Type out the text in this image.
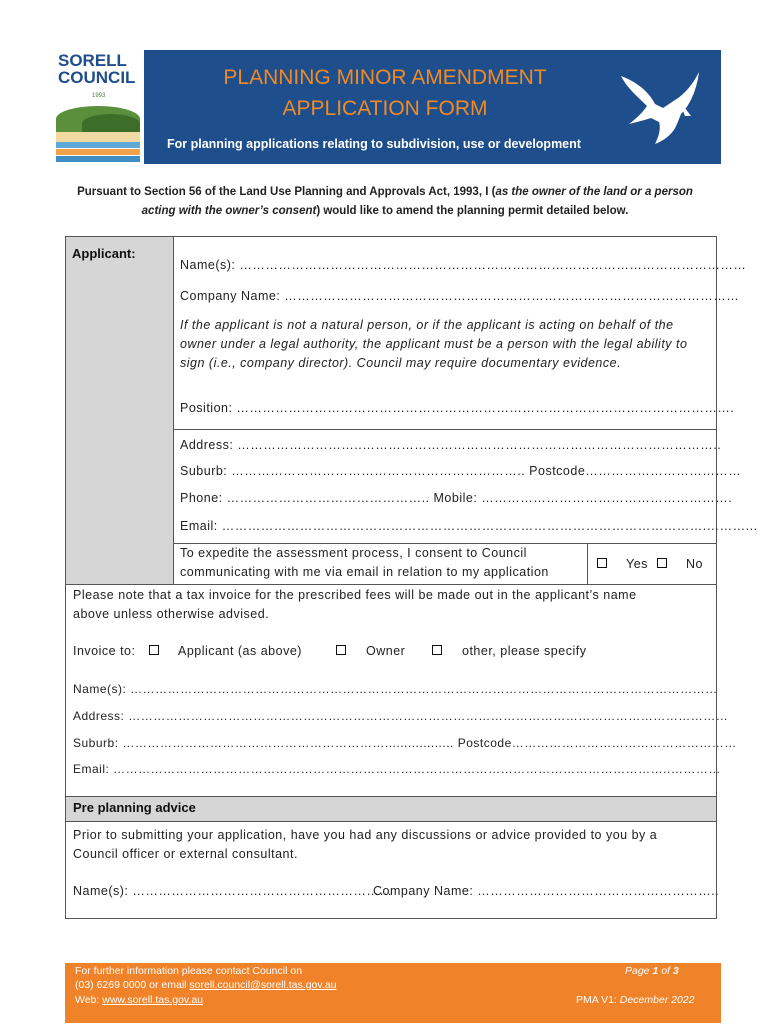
SORELL
COUNCIL
1993
PLANNING MINOR AMENDMENT
APPLICATION FORM
For planning applications relating to subdivision, use or development
Pursuant to Section 56 of the Land Use Planning and Approvals Act, 1993, I (as the owner of the land or a person acting with the owner’s consent) would like to amend the planning permit detailed below.
Applicant:
Name(s): ………………………………………………………………………………………………………
Company Name: ……………………………………………………………………………………………
If the applicant is not a natural person, or if the applicant is acting on behalf of the owner under a legal authority, the applicant must be a person with the legal ability to sign (i.e., company director). Council may require documentary evidence.
Position: …………………………………………………………………………………………………….
Address: ………………………..………………………………………………………………………..
Suburb: ………………………………………………………….. Postcode………………………………
Phone: ……………………………………….. Mobile: ………………………………………………….
Email: ………………………………………………………………………………………………….………...
To expedite the assessment process, I consent to Council
communicating with me via email in relation to my application
Yes	No
Please note that a tax invoice for the prescribed fees will be made out in the applicant’s name
above unless otherwise advised.
Invoice to:	Applicant (as above)	Owner	other, please specify
Name(s): ……………………………………………………………………………………………………………………………
Address: ………………………………………………………………………………………………………………………………
Suburb: ……………………………………………………….................. Postcode………………………………………………
Email: ……………………………………………………………………………………………………………………..…………
Pre planning advice
Prior to submitting your application, have you had any discussions or advice provided to you by a
Council officer or external consultant.
Name(s): ……………………………………………………
Company Name: ………………………………………………..
For further information please contact Council on
(03) 6269 0000 or email sorell.council@sorell.tas.gov.au
Web: www.sorell.tas.gov.au
Page 1 of 3
PMA V1: December 2022
